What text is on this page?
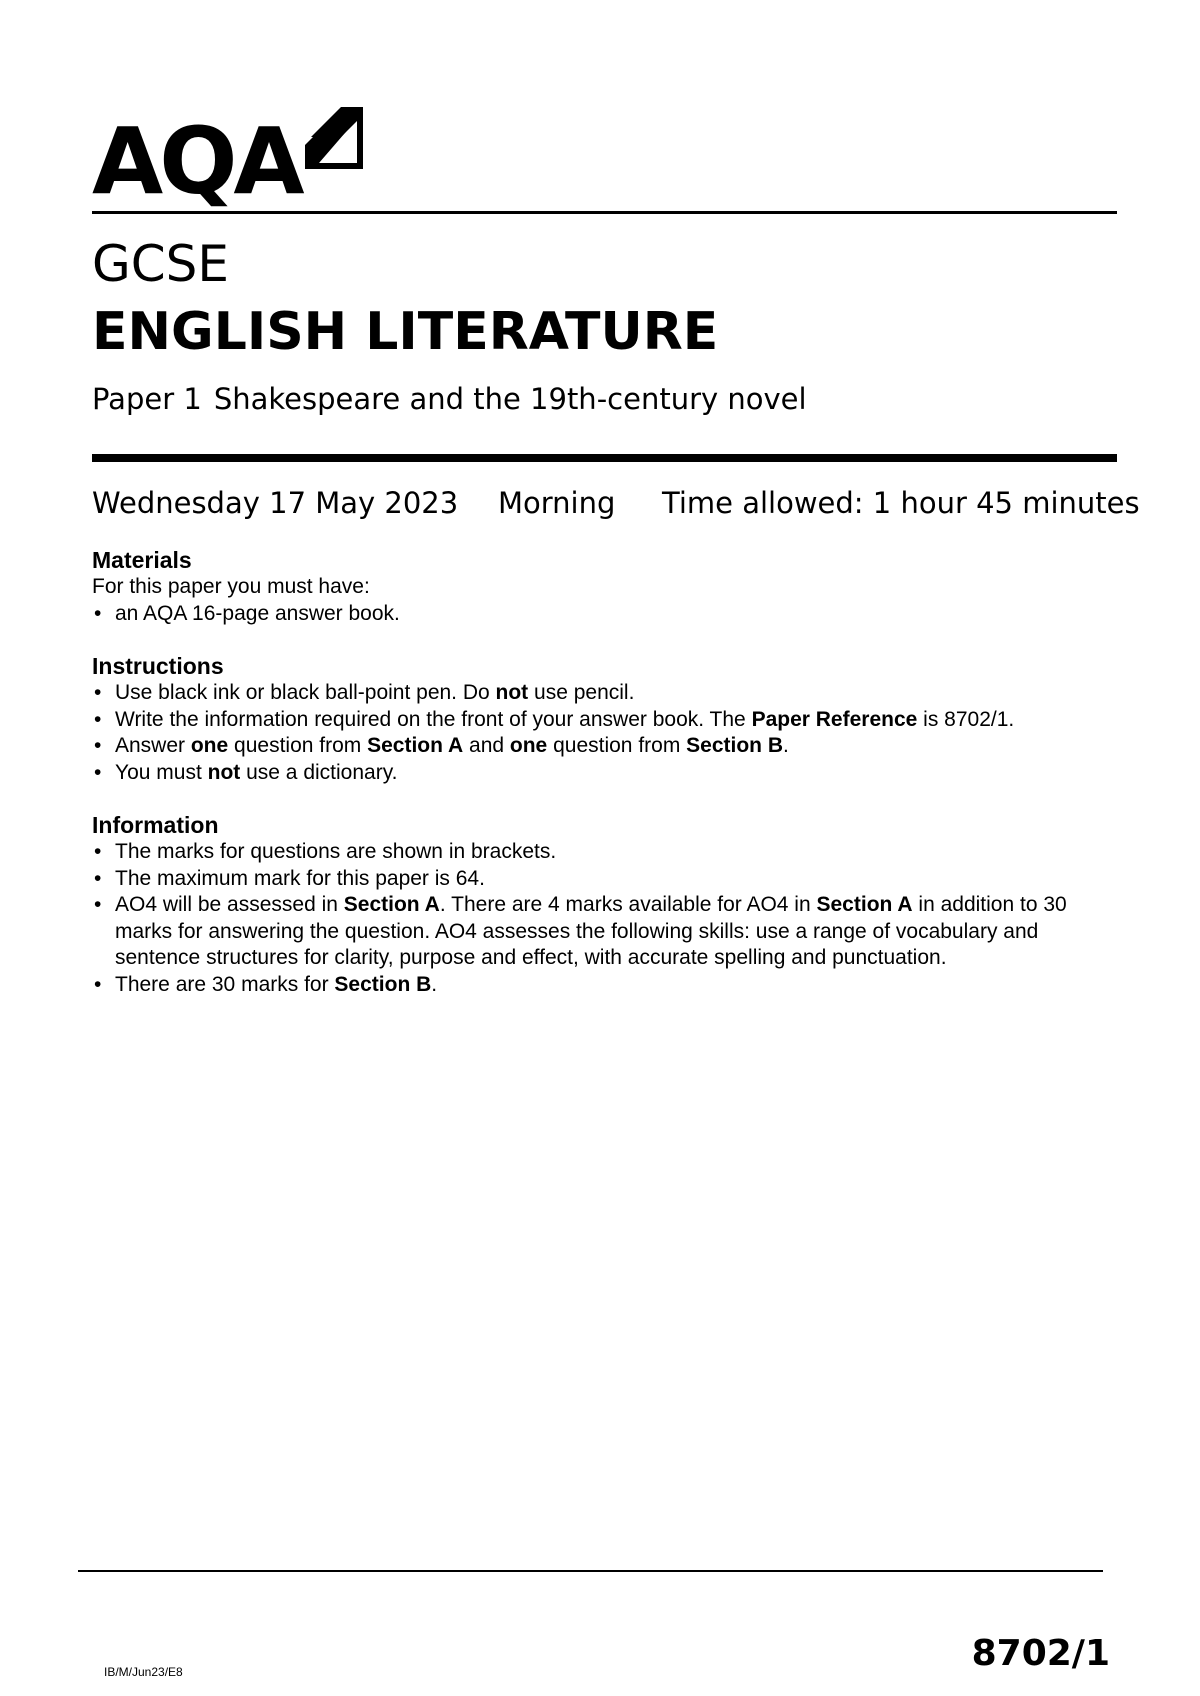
AQA
GCSE
ENGLISH LITERATURE
Paper 1 Shakespeare and the 19th-century novel
Wednesday 17 May 2023 Morning Time allowed: 1 hour 45 minutes

Materials

For this paper you must have:

• an AQA 16-page answer book.

Instructions

• Use black ink or black ball-point pen. Do not use pencil.
• Write the information required on the front of your answer book. The Paper Reference is 8702/1.
• Answer one question from Section A and one question from Section B.
• You must not use a dictionary.

Information

• The marks for questions are shown in brackets.
• The maximum mark for this paper is 64.
• AO4 will be assessed in Section A. There are 4 marks available for AO4 in Section A in addition to 30 marks for answering the question. AO4 assesses the following skills: use a range of vocabulary and sentence structures for clarity, purpose and effect, with accurate spelling and punctuation.
• There are 30 marks for Section B.
IB/M/Jun23/E8	8702/1
